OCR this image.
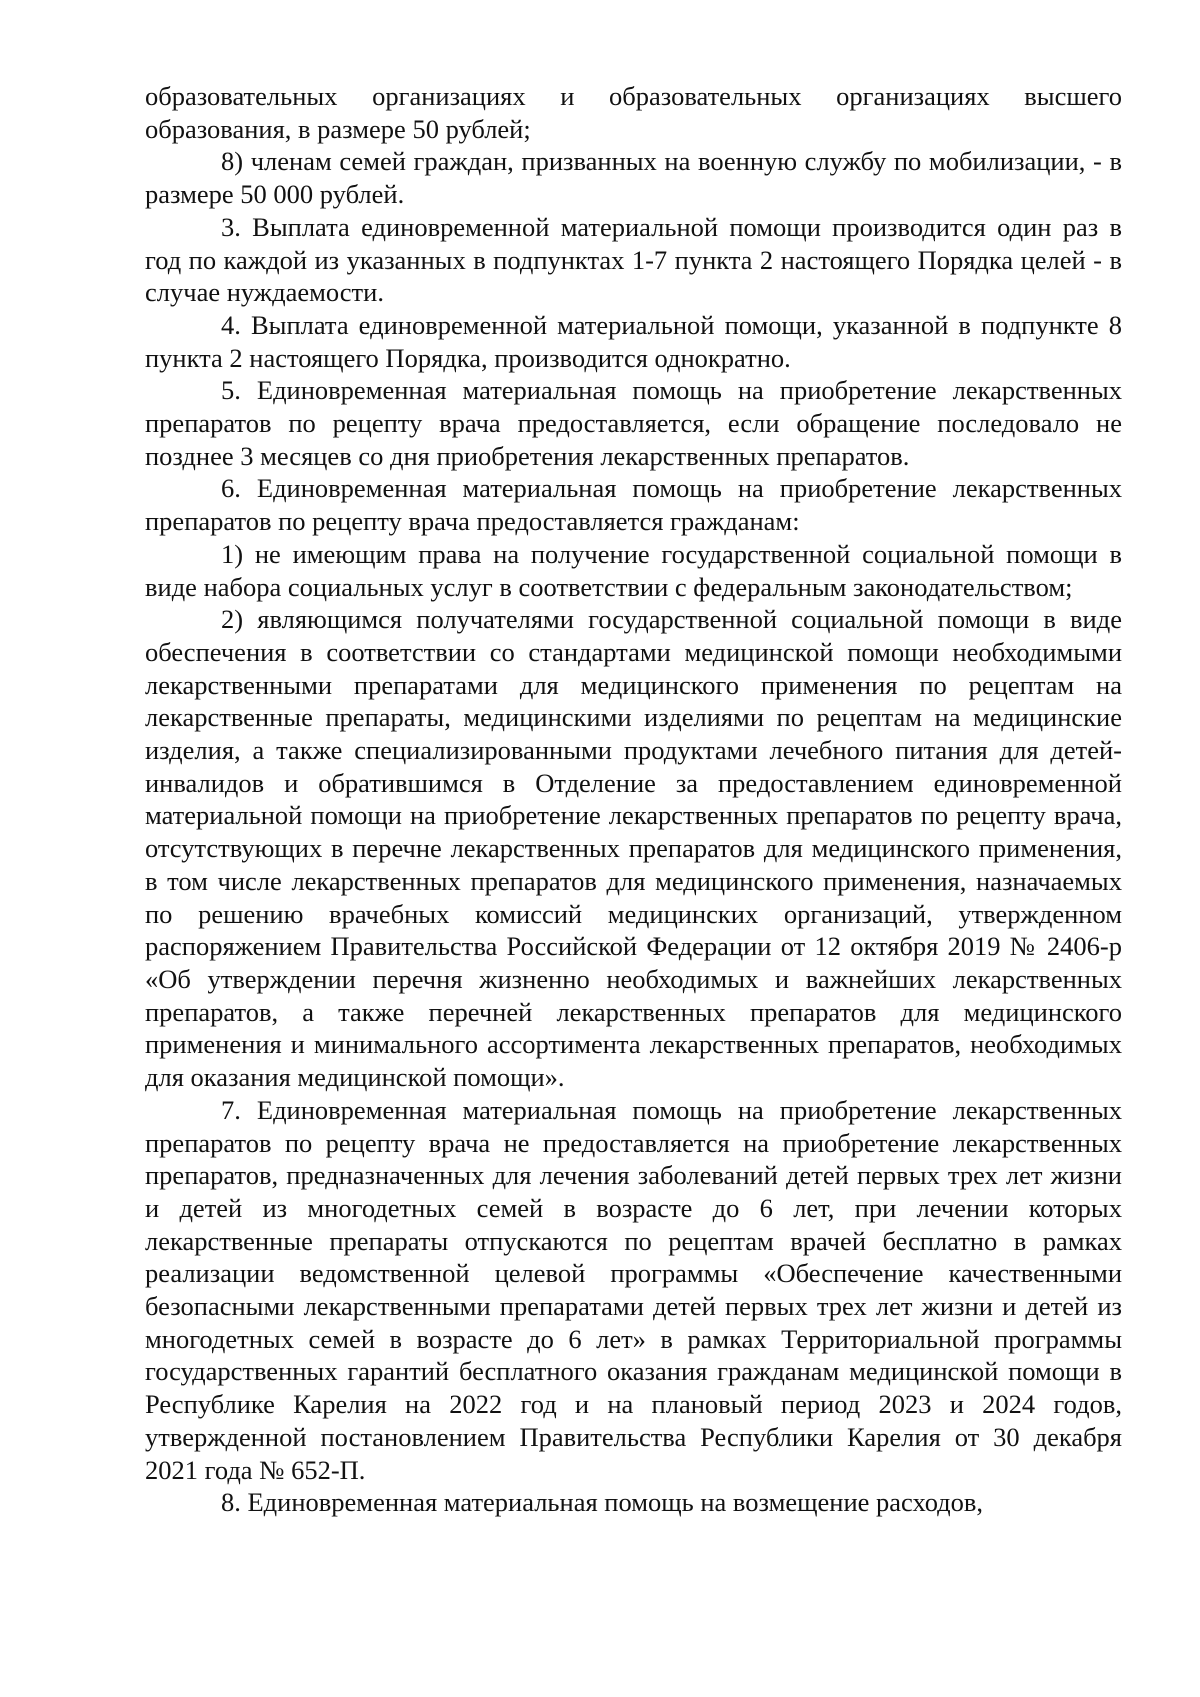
образовательных организациях и образовательных организациях высшего образования, в размере 50 рублей;

8) членам семей граждан, призванных на военную службу по мобилизации, - в размере 50 000 рублей.

3. Выплата единовременной материальной помощи производится один раз в год по каждой из указанных в подпунктах 1-7 пункта 2 настоящего Порядка целей - в случае нуждаемости.

4. Выплата единовременной материальной помощи, указанной в подпункте 8 пункта 2 настоящего Порядка, производится однократно.

5. Единовременная материальная помощь на приобретение лекарственных препаратов по рецепту врача предоставляется, если обращение последовало не позднее 3 месяцев со дня приобретения лекарственных препаратов.

6. Единовременная материальная помощь на приобретение лекарственных препаратов по рецепту врача предоставляется гражданам:

1) не имеющим права на получение государственной социальной помощи в виде набора социальных услуг в соответствии с федеральным законодательством;

2) являющимся получателями государственной социальной помощи в виде обеспечения в соответствии со стандартами медицинской помощи необходимыми лекарственными препаратами для медицинского применения по рецептам на лекарственные препараты, медицинскими изделиями по рецептам на медицинские изделия, а также специализированными продуктами лечебного питания для детей-инвалидов и обратившимся в Отделение за предоставлением единовременной материальной помощи на приобретение лекарственных препаратов по рецепту врача, отсутствующих в перечне лекарственных препаратов для медицинского применения, в том числе лекарственных препаратов для медицинского применения, назначаемых по решению врачебных комиссий медицинских организаций, утвержденном распоряжением Правительства Российской Федерации от 12 октября 2019 № 2406-р «Об утверждении перечня жизненно необходимых и важнейших лекарственных препаратов, а также перечней лекарственных препаратов для медицинского применения и минимального ассортимента лекарственных препаратов, необходимых для оказания медицинской помощи».

7. Единовременная материальная помощь на приобретение лекарственных препаратов по рецепту врача не предоставляется на приобретение лекарственных препаратов, предназначенных для лечения заболеваний детей первых трех лет жизни и детей из многодетных семей в возрасте до 6 лет, при лечении которых лекарственные препараты отпускаются по рецептам врачей бесплатно в рамках реализации ведомственной целевой программы «Обеспечение качественными безопасными лекарственными препаратами детей первых трех лет жизни и детей из многодетных семей в возрасте до 6 лет» в рамках Территориальной программы государственных гарантий бесплатного оказания гражданам медицинской помощи в Республике Карелия на 2022 год и на плановый период 2023 и 2024 годов, утвержденной постановлением Правительства Республики Карелия от 30 декабря 2021 года № 652-П.

8. Единовременная материальная помощь на возмещение расходов,
